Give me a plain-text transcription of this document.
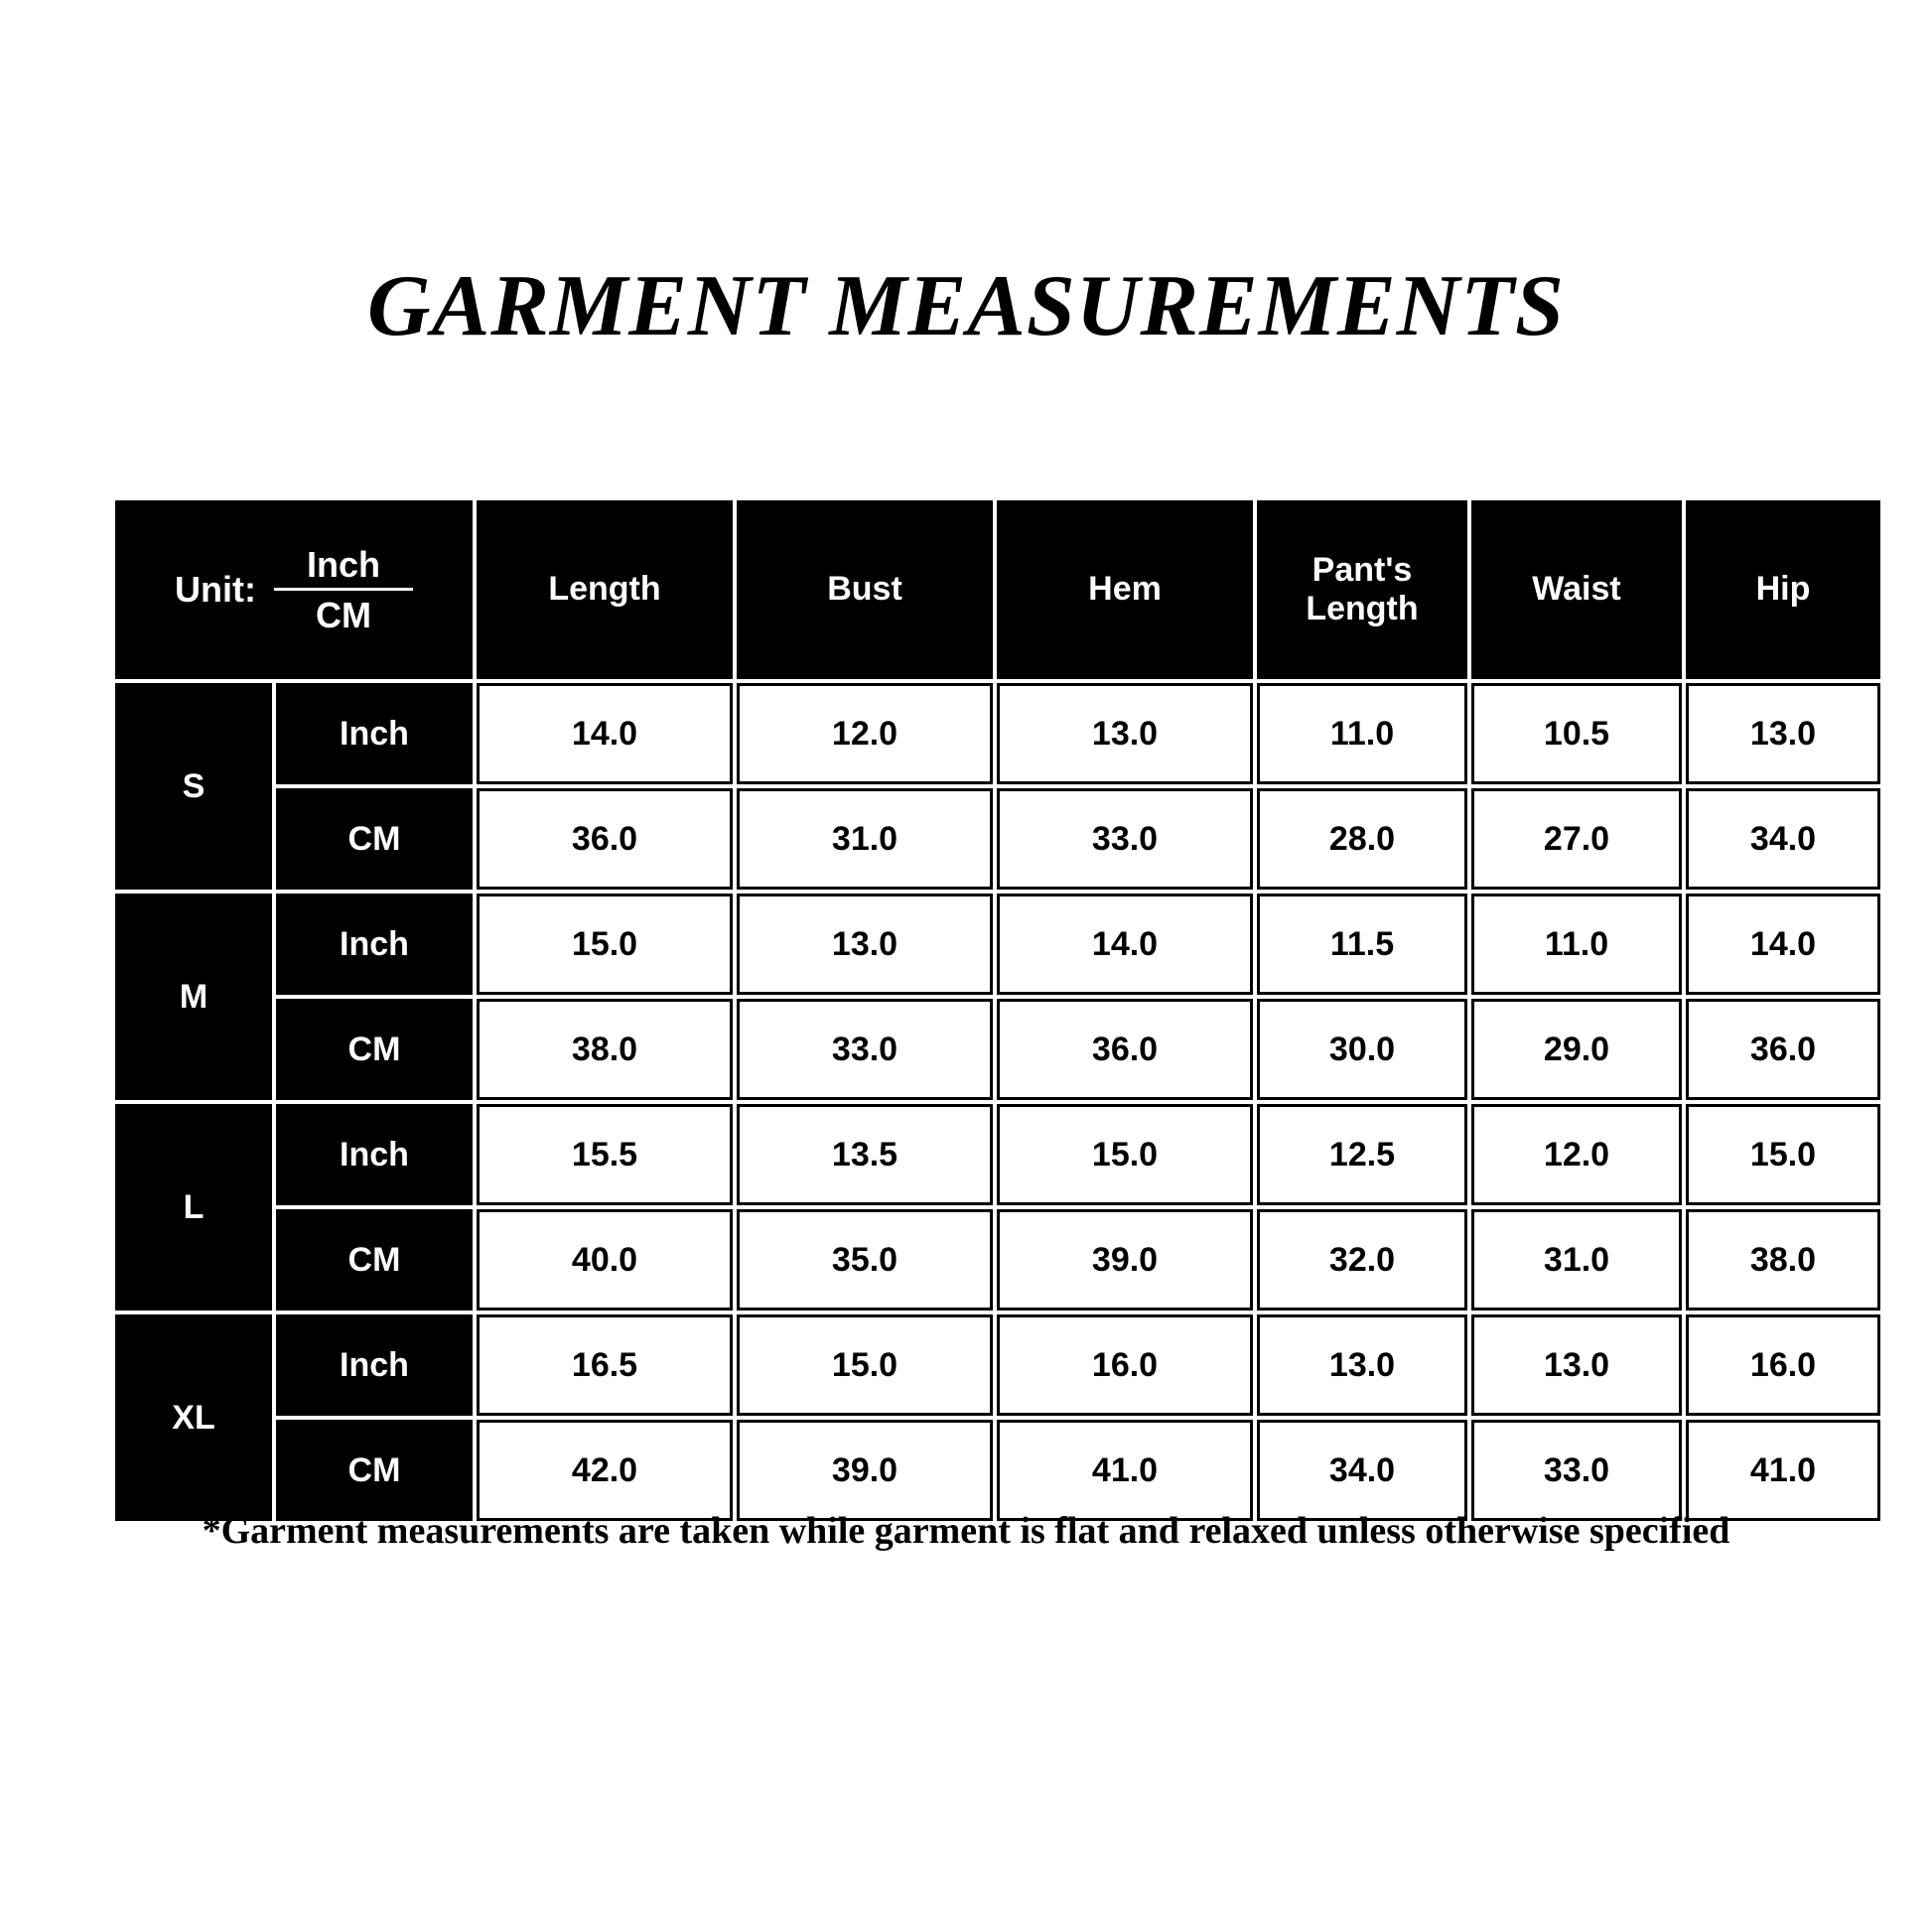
GARMENT MEASUREMENTS
Unit: $\frac{\text{Inch}}{CM}$		Length	Bust	Hem	Pant's Length	Waist	Hip
S	Inch	14.0	12.0	13.0	11.0	10.5	13.0
	CM	36.0	31.0	33.0	28.0	27.0	34.0
M	Inch	15.0	13.0	14.0	11.5	11.0	14.0
	CM	38.0	33.0	36.0	30.0	29.0	36.0
L	Inch	15.5	13.5	15.0	12.5	12.0	15.0
	CM	40.0	35.0	39.0	32.0	31.0	38.0
XL	Inch	16.5	15.0	16.0	13.0	13.0	16.0
	CM	42.0	39.0	41.0	34.0	33.0	41.0
*Garment measurements are taken while garment is flat and relaxed unless otherwise specified
